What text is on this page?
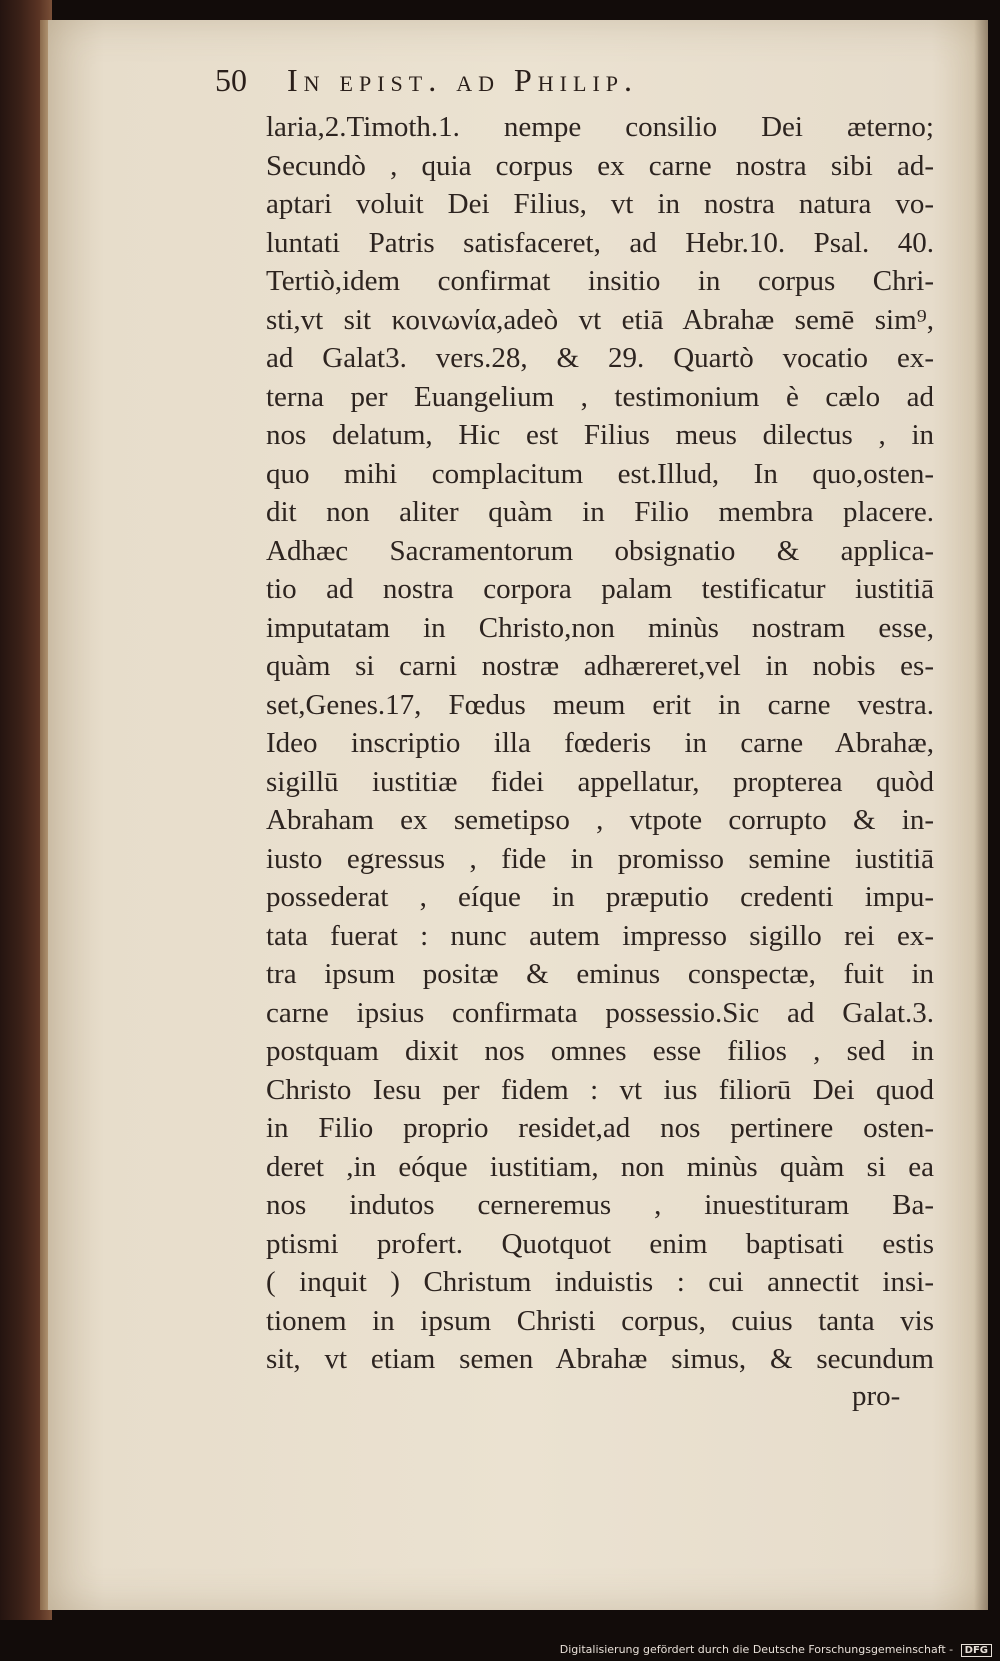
50 In epist. ad Philip.
laria,2.Timoth.1. nempe consilio Dei æterno;
Secundò , quia corpus ex carne nostra sibi ad-
aptari voluit Dei Filius, vt in nostra natura vo-
luntati Patris satisfaceret, ad Hebr.10. Psal. 40.
Tertiò,idem confirmat insitio in corpus Chri-
sti,vt sit κοινωνία,adeò vt etiā Abrahæ semē sim⁹,
ad Galat3. vers.28, & 29. Quartò vocatio ex-
terna per Euangelium , testimonium è cælo ad
nos delatum, Hic est Filius meus dilectus , in
quo mihi complacitum est.Illud, In quo,osten-
dit non aliter quàm in Filio membra placere.
Adhæc Sacramentorum obsignatio & applica-
tio ad nostra corpora palam testificatur iustitiā
imputatam in Christo,non minùs nostram esse,
quàm si carni nostræ adhæreret,vel in nobis es-
set,Genes.17, Fœdus meum erit in carne vestra.
Ideo inscriptio illa fœderis in carne Abrahæ,
sigillū iustitiæ fidei appellatur, propterea quòd
Abraham ex semetipso , vtpote corrupto & in-
iusto egressus , fide in promisso semine iustitiā
possederat , eíque in præputio credenti impu-
tata fuerat : nunc autem impresso sigillo rei ex-
tra ipsum positæ & eminus conspectæ, fuit in
carne ipsius confirmata possessio.Sic ad Galat.3.
postquam dixit nos omnes esse filios , sed in
Christo Iesu per fidem : vt ius filiorū Dei quod
in Filio proprio residet,ad nos pertinere osten-
deret ,in eóque iustitiam, non minùs quàm si ea
nos indutos cerneremus , inuestituram Ba-
ptismi profert. Quotquot enim baptisati estis
( inquit ) Christum induistis : cui annectit insi-
tionem in ipsum Christi corpus, cuius tanta vis
sit, vt etiam semen Abrahæ simus, & secundum
pro-
Digitalisierung gefördert durch die Deutsche Forschungsgemeinschaft - DFG
